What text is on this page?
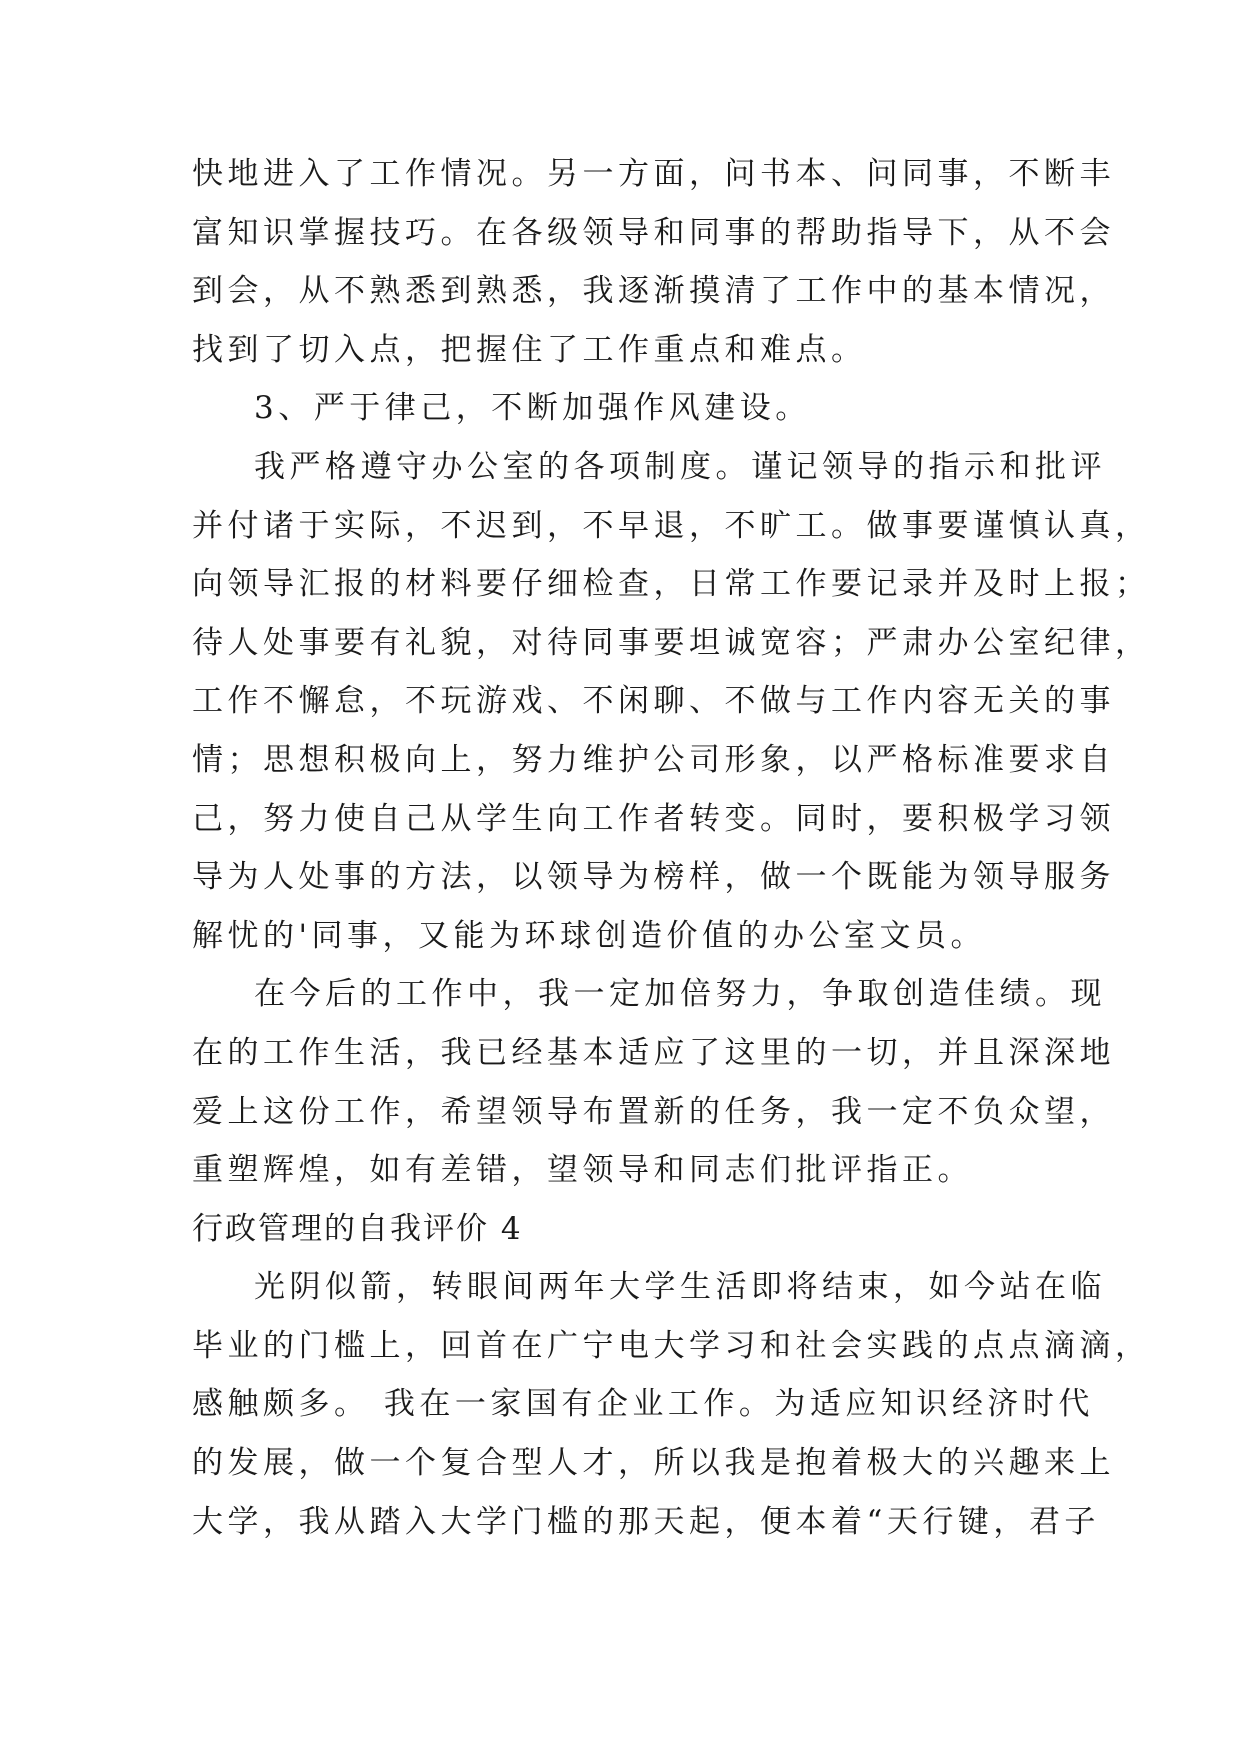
快地进入了工作情况。另一方面，问书本、问同事，不断丰
富知识掌握技巧。在各级领导和同事的帮助指导下，从不会
到会，从不熟悉到熟悉，我逐渐摸清了工作中的基本情况，
找到了切入点，把握住了工作重点和难点。
3、严于律己，不断加强作风建设。
我严格遵守办公室的各项制度。谨记领导的指示和批评
并付诸于实际，不迟到，不早退，不旷工。做事要谨慎认真，
向领导汇报的材料要仔细检查，日常工作要记录并及时上报；
待人处事要有礼貌，对待同事要坦诚宽容；严肃办公室纪律，
工作不懈怠，不玩游戏、不闲聊、不做与工作内容无关的事
情；思想积极向上，努力维护公司形象，以严格标准要求自
己，努力使自己从学生向工作者转变。同时，要积极学习领
导为人处事的方法，以领导为榜样，做一个既能为领导服务
解忧的'同事，又能为环球创造价值的办公室文员。
在今后的工作中，我一定加倍努力，争取创造佳绩。现
在的工作生活，我已经基本适应了这里的一切，并且深深地
爱上这份工作，希望领导布置新的任务，我一定不负众望，
重塑辉煌，如有差错，望领导和同志们批评指正。
行政管理的自我评价 4
光阴似箭，转眼间两年大学生活即将结束，如今站在临
毕业的门槛上，回首在广宁电大学习和社会实践的点点滴滴，
感触颇多。 我在一家国有企业工作。为适应知识经济时代
的发展，做一个复合型人才，所以我是抱着极大的兴趣来上
大学，我从踏入大学门槛的那天起，便本着“天行键，君子
